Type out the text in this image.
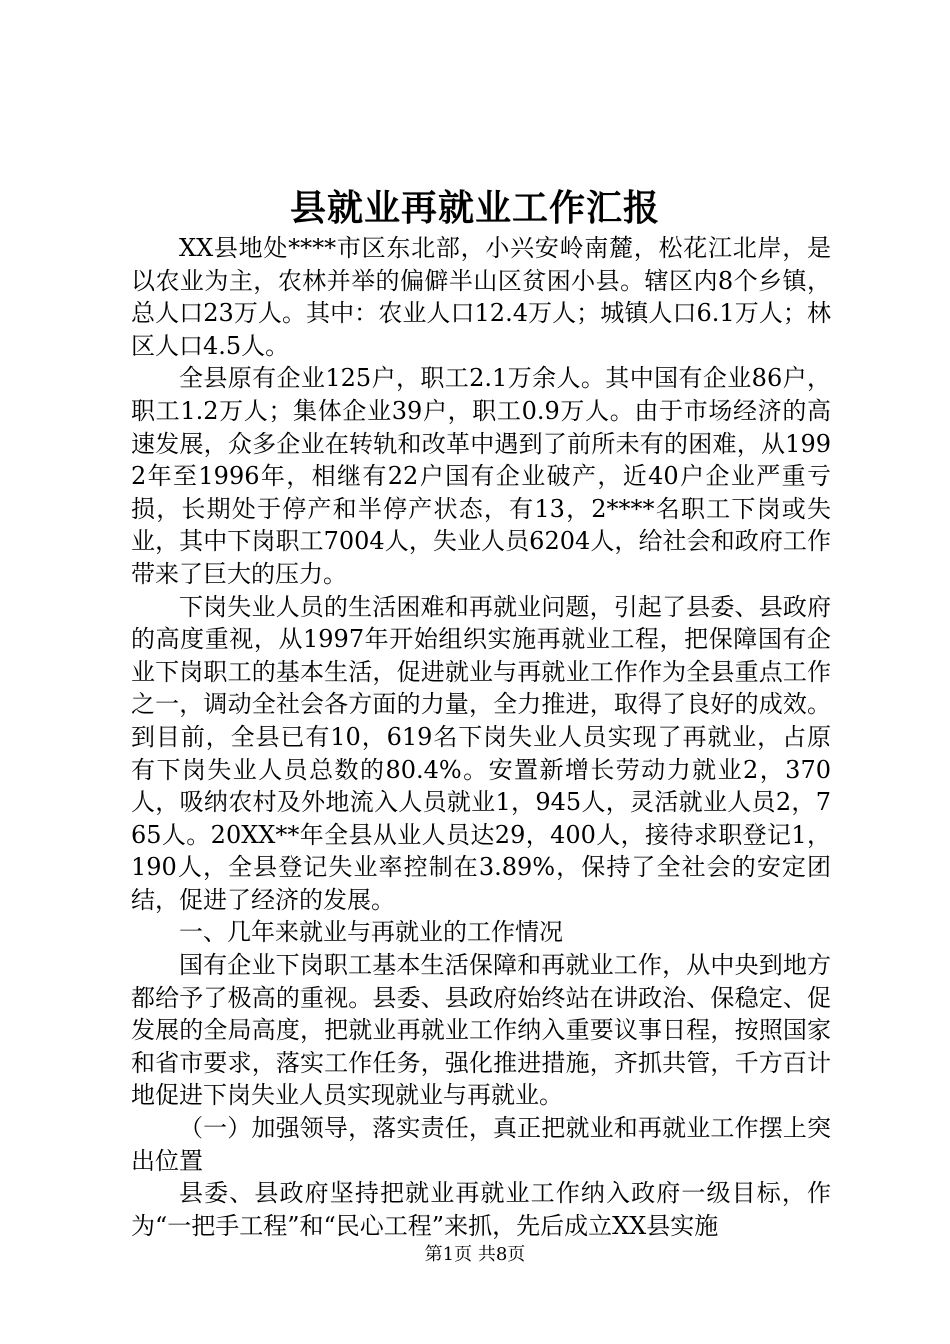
县就业再就业工作汇报

XX县地处****市区东北部，小兴安岭南麓，松花江北岸，是以农业为主，农林并举的偏僻半山区贫困小县。辖区内8个乡镇，总人口23万人。其中：农业人口12.4万人；城镇人口6.1万人；林区人口4.5人。

全县原有企业125户，职工2.1万余人。其中国有企业86户，职工1.2万人；集体企业39户，职工0.9万人。由于市场经济的高速发展，众多企业在转轨和改革中遇到了前所未有的困难，从1992年至1996年，相继有22户国有企业破产，近40户企业严重亏损，长期处于停产和半停产状态，有13，2****名职工下岗或失业，其中下岗职工7004人，失业人员6204人，给社会和政府工作带来了巨大的压力。

下岗失业人员的生活困难和再就业问题，引起了县委、县政府的高度重视，从1997年开始组织实施再就业工程，把保障国有企业下岗职工的基本生活，促进就业与再就业工作作为全县重点工作之一，调动全社会各方面的力量，全力推进，取得了良好的成效。到目前，全县已有10，619名下岗失业人员实现了再就业，占原有下岗失业人员总数的80.4%。安置新增长劳动力就业2，370人，吸纳农村及外地流入人员就业1，945人，灵活就业人员2，765人。20XX**年全县从业人员达29，400人，接待求职登记1，190人，全县登记失业率控制在3.89%，保持了全社会的安定团结，促进了经济的发展。

一、几年来就业与再就业的工作情况

国有企业下岗职工基本生活保障和再就业工作，从中央到地方都给予了极高的重视。县委、县政府始终站在讲政治、保稳定、促发展的全局高度，把就业再就业工作纳入重要议事日程，按照国家和省市要求，落实工作任务，强化推进措施，齐抓共管，千方百计地促进下岗失业人员实现就业与再就业。

（一）加强领导，落实责任，真正把就业和再就业工作摆上突出位置

县委、县政府坚持把就业再就业工作纳入政府一级目标，作为“一把手工程”和“民心工程”来抓，先后成立XX县实施

第1页 共8页
